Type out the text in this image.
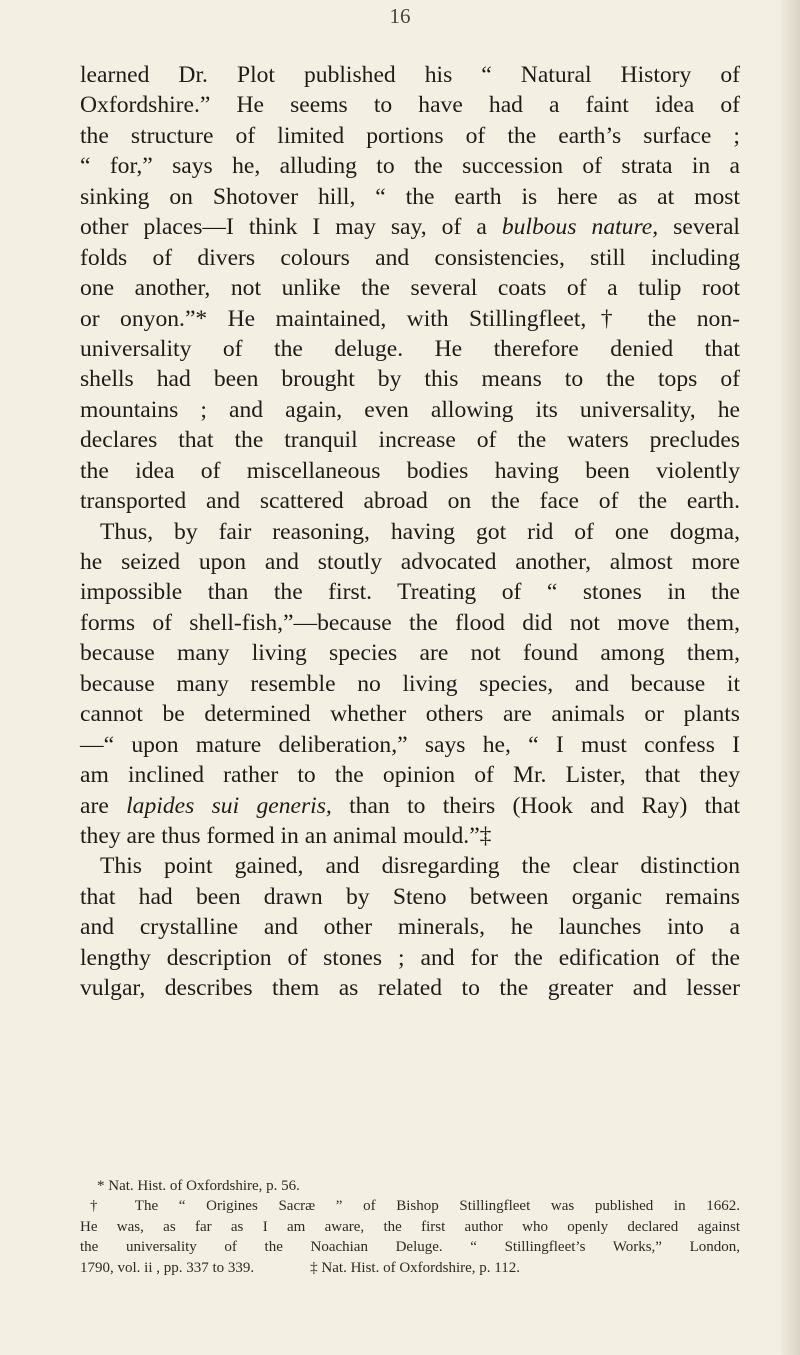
16
learned Dr. Plot published his “ Natural History of
Oxfordshire.” He seems to have had a faint idea of
the structure of limited portions of the earth’s surface ;
“ for,” says he, alluding to the succession of strata in a
sinking on Shotover hill, “ the earth is here as at most
other places—I think I may say, of a bulbous nature, several
folds of divers colours and consistencies, still including
one another, not unlike the several coats of a tulip root
or onyon.”* He maintained, with Stillingfleet,† the non-
universality of the deluge. He therefore denied that
shells had been brought by this means to the tops of
mountains ; and again, even allowing its universality, he
declares that the tranquil increase of the waters precludes
the idea of miscellaneous bodies having been violently
transported and scattered abroad on the face of the earth.
Thus, by fair reasoning, having got rid of one dogma,
he seized upon and stoutly advocated another, almost more
impossible than the first. Treating of “ stones in the
forms of shell-fish,”—because the flood did not move them,
because many living species are not found among them,
because many resemble no living species, and because it
cannot be determined whether others are animals or plants
—“ upon mature deliberation,” says he, “ I must confess I
am inclined rather to the opinion of Mr. Lister, that they
are lapides sui generis, than to theirs (Hook and Ray) that
they are thus formed in an animal mould.”‡
This point gained, and disregarding the clear distinction
that had been drawn by Steno between organic remains
and crystalline and other minerals, he launches into a
lengthy description of stones ; and for the edification of the
vulgar, describes them as related to the greater and lesser
* Nat. Hist. of Oxfordshire, p. 56.
† The “ Origines Sacræ ” of Bishop Stillingfleet was published in 1662.
He was, as far as I am aware, the first author who openly declared against
the universality of the Noachian Deluge. “ Stillingfleet’s Works,” London,
1790, vol. ii , pp. 337 to 339.	‡ Nat. Hist. of Oxfordshire, p. 112.
